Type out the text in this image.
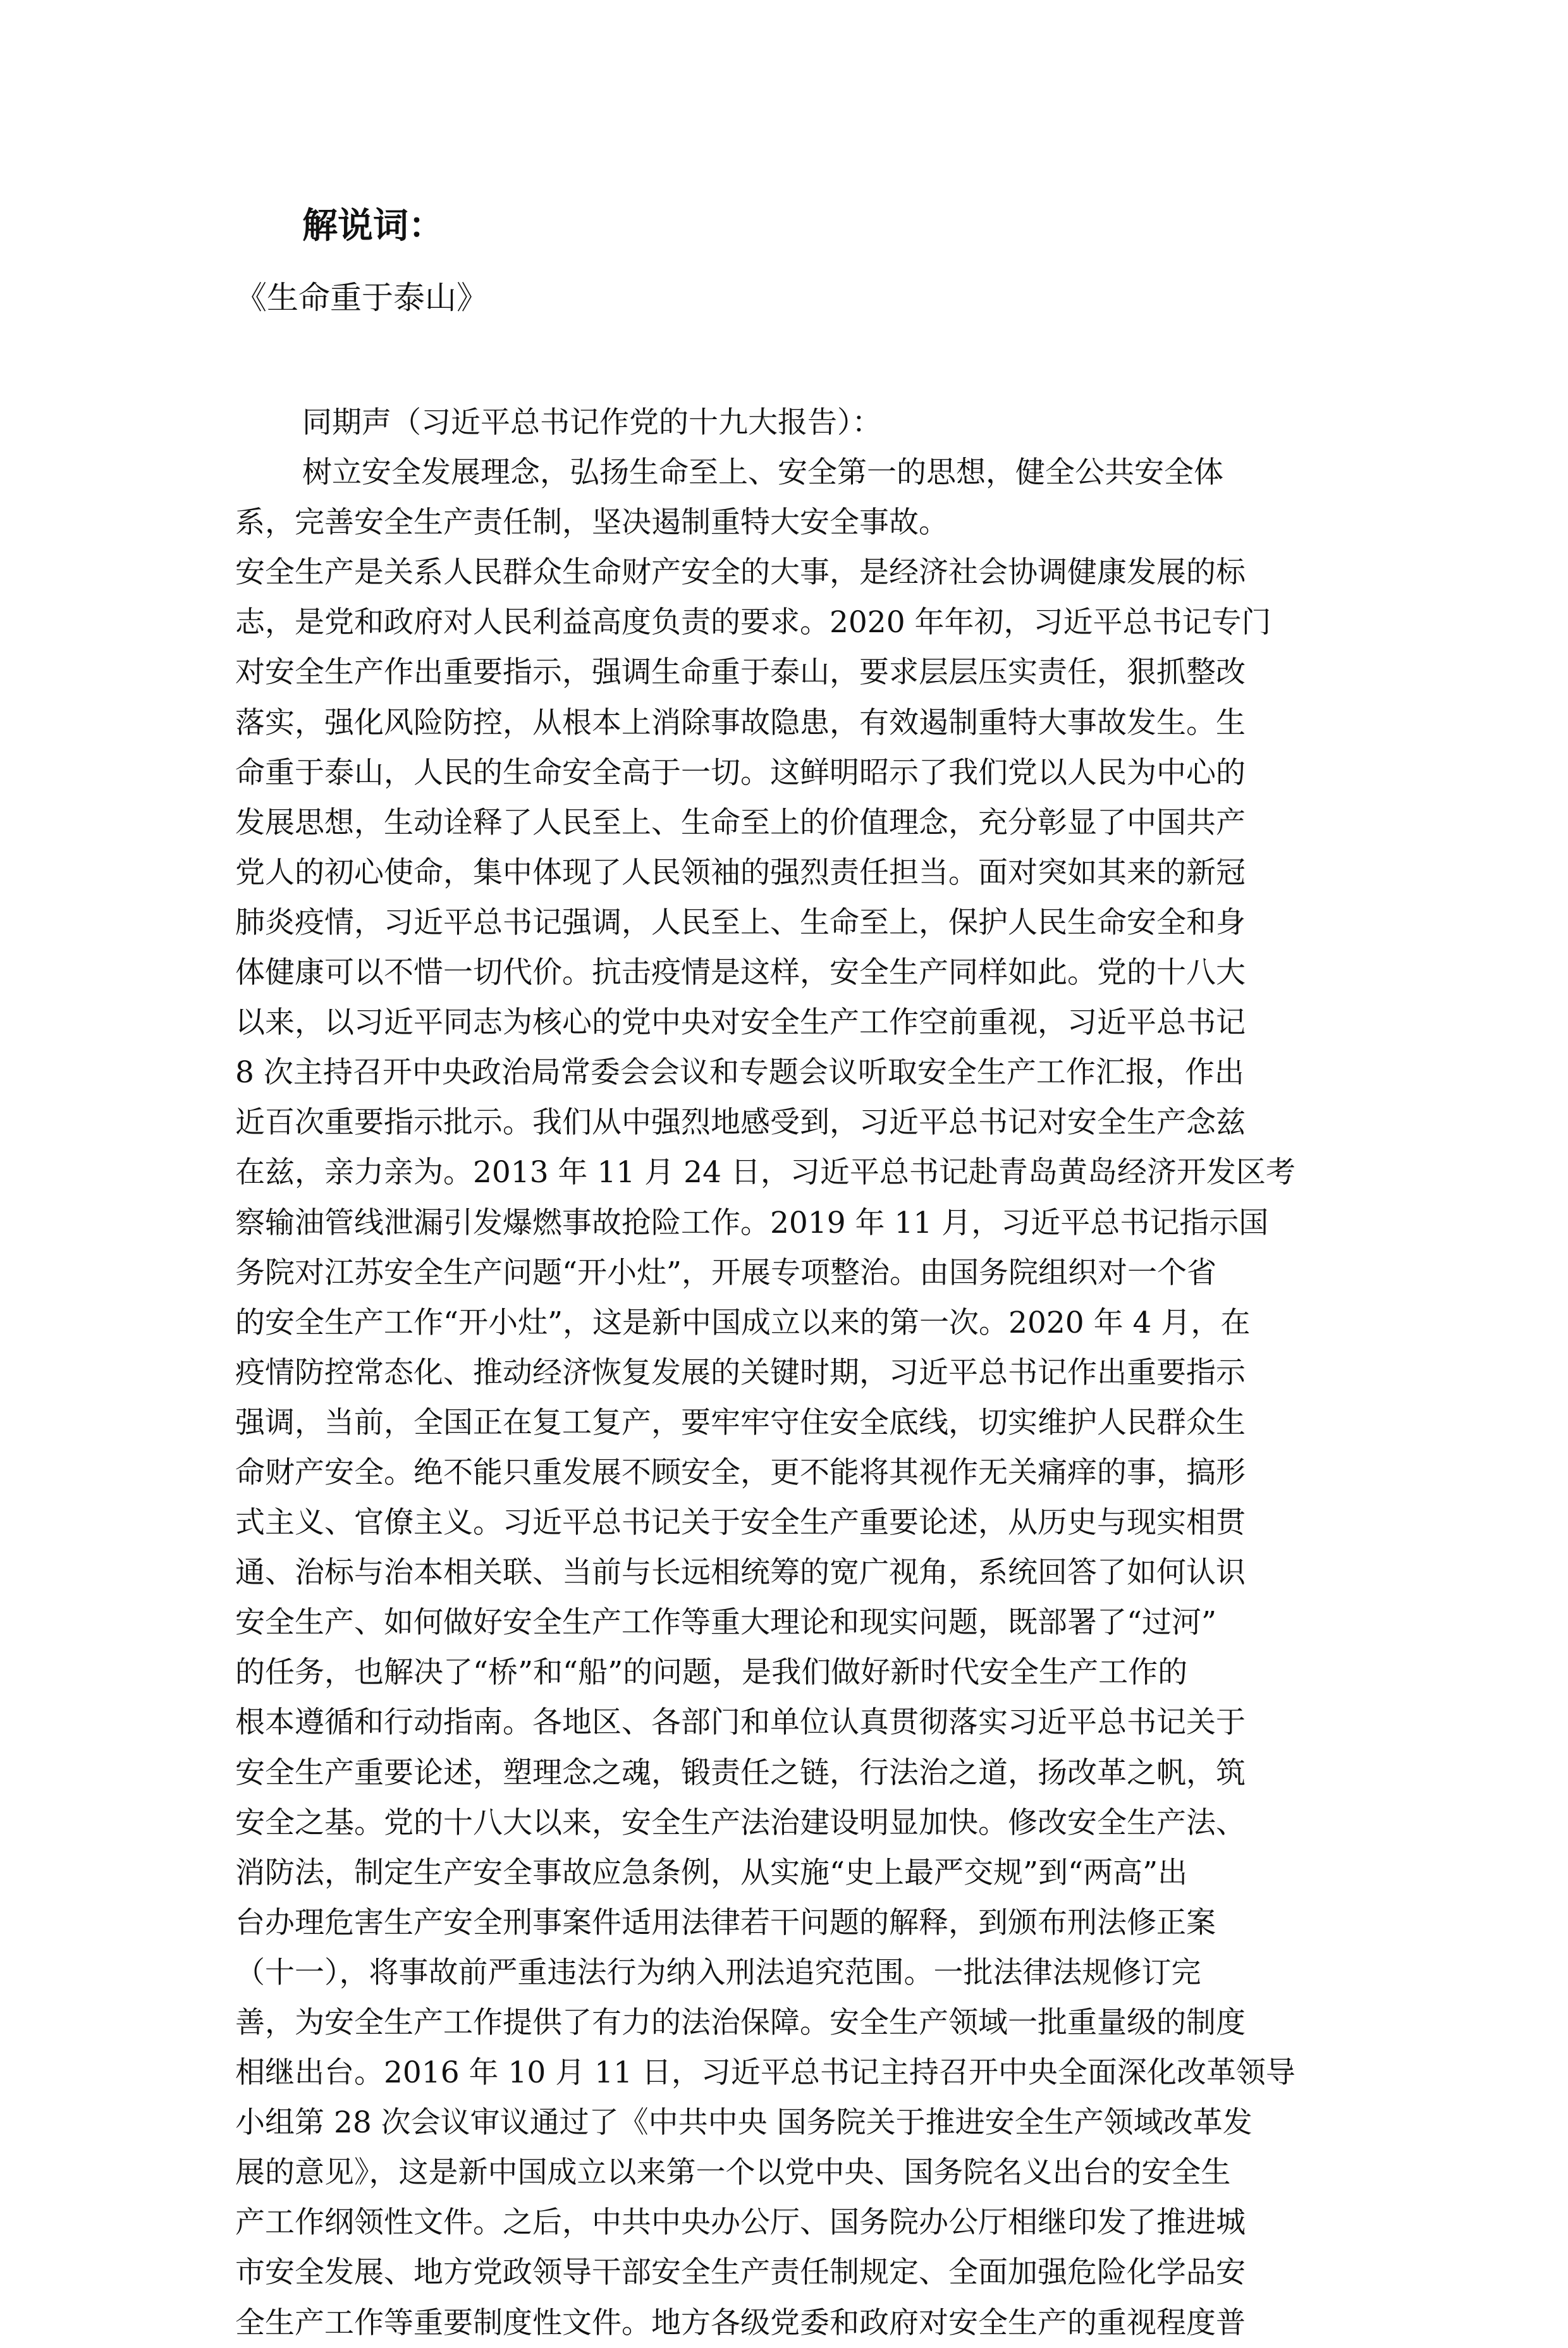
解说词：
《生命重于泰山》
同期声（习近平总书记作党的十九大报告）：
树立安全发展理念，弘扬生命至上、安全第一的思想，健全公共安全体
系，完善安全生产责任制，坚决遏制重特大安全事故。
安全生产是关系人民群众生命财产安全的大事，是经济社会协调健康发展的标
志，是党和政府对人民利益高度负责的要求。2020 年年初，习近平总书记专门
对安全生产作出重要指示，强调生命重于泰山，要求层层压实责任，狠抓整改
落实，强化风险防控，从根本上消除事故隐患，有效遏制重特大事故发生。生
命重于泰山，人民的生命安全高于一切。这鲜明昭示了我们党以人民为中心的
发展思想，生动诠释了人民至上、生命至上的价值理念，充分彰显了中国共产
党人的初心使命，集中体现了人民领袖的强烈责任担当。面对突如其来的新冠
肺炎疫情，习近平总书记强调，人民至上、生命至上，保护人民生命安全和身
体健康可以不惜一切代价。抗击疫情是这样，安全生产同样如此。党的十八大
以来，以习近平同志为核心的党中央对安全生产工作空前重视，习近平总书记
8 次主持召开中央政治局常委会会议和专题会议听取安全生产工作汇报，作出
近百次重要指示批示。我们从中强烈地感受到，习近平总书记对安全生产念兹
在兹，亲力亲为。2013 年 11 月 24 日，习近平总书记赴青岛黄岛经济开发区考
察输油管线泄漏引发爆燃事故抢险工作。2019 年 11 月，习近平总书记指示国
务院对江苏安全生产问题“开小灶”，开展专项整治。由国务院组织对一个省
的安全生产工作“开小灶”，这是新中国成立以来的第一次。2020 年 4 月，在
疫情防控常态化、推动经济恢复发展的关键时期，习近平总书记作出重要指示
强调，当前，全国正在复工复产，要牢牢守住安全底线，切实维护人民群众生
命财产安全。绝不能只重发展不顾安全，更不能将其视作无关痛痒的事，搞形
式主义、官僚主义。习近平总书记关于安全生产重要论述，从历史与现实相贯
通、治标与治本相关联、当前与长远相统筹的宽广视角，系统回答了如何认识
安全生产、如何做好安全生产工作等重大理论和现实问题，既部署了“过河”
的任务，也解决了“桥”和“船”的问题，是我们做好新时代安全生产工作的
根本遵循和行动指南。各地区、各部门和单位认真贯彻落实习近平总书记关于
安全生产重要论述，塑理念之魂，锻责任之链，行法治之道，扬改革之帆，筑
安全之基。党的十八大以来，安全生产法治建设明显加快。修改安全生产法、
消防法，制定生产安全事故应急条例，从实施“史上最严交规”到“两高”出
台办理危害生产安全刑事案件适用法律若干问题的解释，到颁布刑法修正案
（十一），将事故前严重违法行为纳入刑法追究范围。一批法律法规修订完
善，为安全生产工作提供了有力的法治保障。安全生产领域一批重量级的制度
相继出台。2016 年 10 月 11 日，习近平总书记主持召开中央全面深化改革领导
小组第 28 次会议审议通过了《中共中央 国务院关于推进安全生产领域改革发
展的意见》，这是新中国成立以来第一个以党中央、国务院名义出台的安全生
产工作纲领性文件。之后，中共中央办公厅、国务院办公厅相继印发了推进城
市安全发展、地方党政领导干部安全生产责任制规定、全面加强危险化学品安
全生产工作等重要制度性文件。地方各级党委和政府对安全生产的重视程度普
